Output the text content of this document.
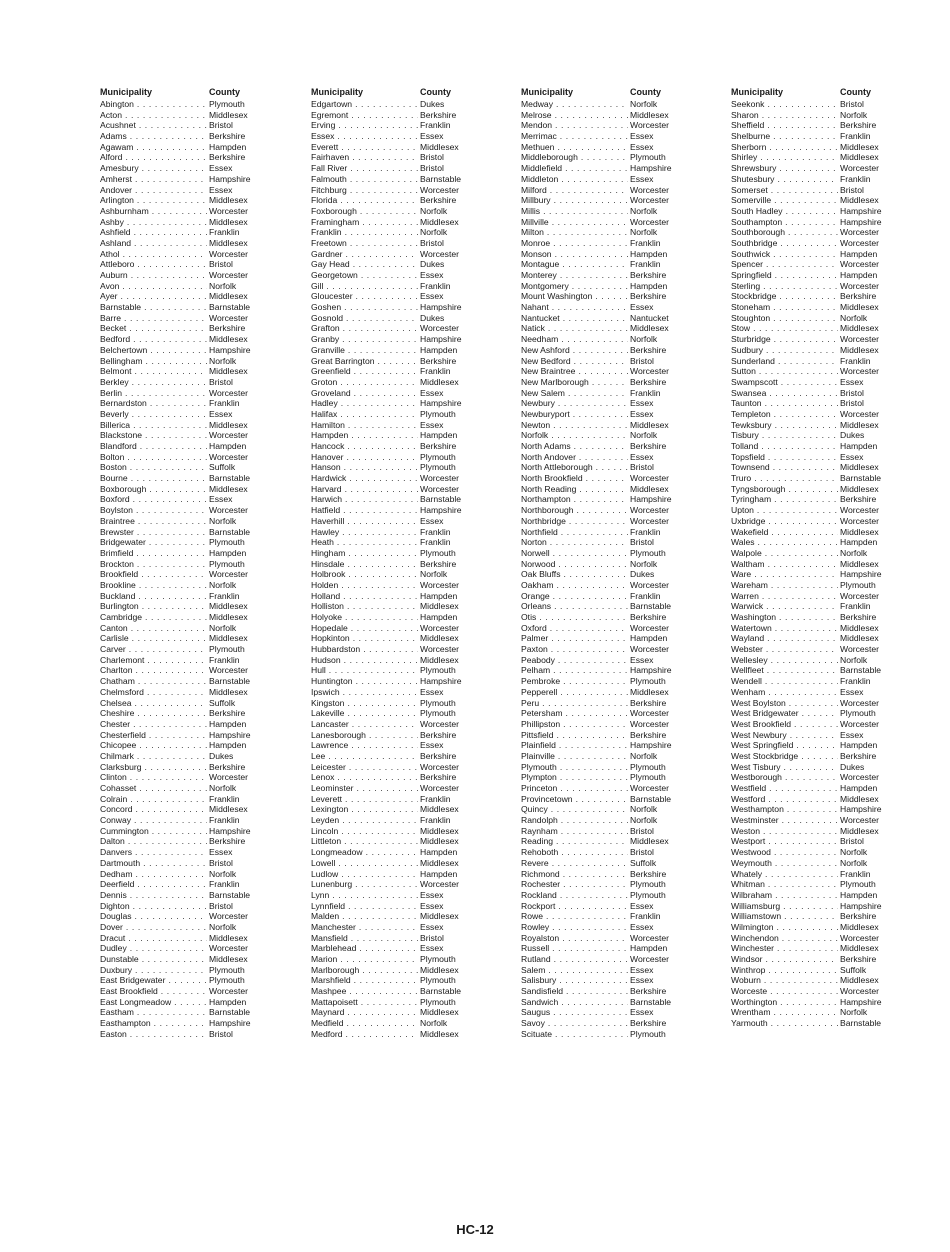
Municipality	County
Abington . . .	Plymouth
Acton . . .	Middlesex
Acushnet . . .	Bristol
Adams . . .	Berkshire
Agawam . . .	Hampden
Alford . . .	Berkshire
Amesbury . . .	Essex
Amherst . . .	Hampshire
Andover . . .	Essex
Arlington . . .	Middlesex
Ashburnham . . .	Worcester
Ashby . . .	Middlesex
Ashfield . . .	Franklin
Ashland . . .	Middlesex
Athol . . .	Worcester
Attleboro . . .	Bristol
Auburn . . .	Worcester
Avon . . .	Norfolk
Ayer . . .	Middlesex
Barnstable . . .	Barnstable
Barre . . .	Worcester
Becket . . .	Berkshire
Bedford . . .	Middlesex
Belchertown . . .	Hampshire
Bellingham . . .	Norfolk
Belmont . . .	Middlesex
Berkley . . .	Bristol
Berlin . . .	Worcester
Bernardston . . .	Franklin
Beverly . . .	Essex
Billerica . . .	Middlesex
Blackstone . . .	Worcester
Blandford . . .	Hampden
Bolton . . .	Worcester
Boston . . .	Suffolk
Bourne . . .	Barnstable
Boxborough . . .	Middlesex
Boxford . . .	Essex
Boylston . . .	Worcester
Braintree . . .	Norfolk
Brewster . . .	Barnstable
Bridgewater . . .	Plymouth
Brimfield . . .	Hampden
Brockton . . .	Plymouth
Brookfield . . .	Worcester
Brookline . . .	Norfolk
Buckland . . .	Franklin
Burlington . . .	Middlesex
Cambridge . . .	Middlesex
Canton . . .	Norfolk
Carlisle . . .	Middlesex
Carver . . .	Plymouth
Charlemont . . .	Franklin
Charlton . . .	Worcester
Chatham . . .	Barnstable
Chelmsford . . .	Middlesex
Chelsea . . .	Suffolk
Cheshire . . .	Berkshire
Chester . . .	Hampden
Chesterfield . . .	Hampshire
Chicopee . . .	Hampden
Chilmark . . .	Dukes
Clarksburg . . .	Berkshire
Clinton . . .	Worcester
Cohasset . . .	Norfolk
Colrain . . .	Franklin
Concord . . .	Middlesex
Conway . . .	Franklin
Cummington . . .	Hampshire
Dalton . . .	Berkshire
Danvers . . .	Essex
Dartmouth . . .	Bristol
Dedham . . .	Norfolk
Deerfield . . .	Franklin
Dennis . . .	Barnstable
Dighton . . .	Bristol
Douglas . . .	Worcester
Dover . . .	Norfolk
Dracut . . .	Middlesex
Dudley . . .	Worcester
Dunstable . . .	Middlesex
Duxbury . . .	Plymouth
East Bridgewater . . .	Plymouth
East Brookfield . . .	Worcester
East Longmeadow . . .	Hampden
Eastham . . .	Barnstable
Easthampton . . .	Hampshire
Easton . . .	Bristol
Municipality	County
Edgartown . . .	Dukes
Egremont . . .	Berkshire
Erving . . .	Franklin
Essex . . .	Essex
Everett . . .	Middlesex
Fairhaven . . .	Bristol
Fall River . . .	Bristol
Falmouth . . .	Barnstable
Fitchburg . . .	Worcester
Florida . . .	Berkshire
Foxborough . . .	Norfolk
Framingham . . .	Middlesex
Franklin . . .	Norfolk
Freetown . . .	Bristol
Gardner . . .	Worcester
Gay Head . . .	Dukes
Georgetown . . .	Essex
Gill . . .	Franklin
Gloucester . . .	Essex
Goshen . . .	Hampshire
Gosnold . . .	Dukes
Grafton . . .	Worcester
Granby . . .	Hampshire
Granville . . .	Hampden
Great Barrington . . .	Berkshire
Greenfield . . .	Franklin
Groton . . .	Middlesex
Groveland . . .	Essex
Hadley . . .	Hampshire
Halifax . . .	Plymouth
Hamilton . . .	Essex
Hampden . . .	Hampden
Hancock . . .	Berkshire
Hanover . . .	Plymouth
Hanson . . .	Plymouth
Hardwick . . .	Worcester
Harvard . . .	Worcester
Harwich . . .	Barnstable
Hatfield . . .	Hampshire
Haverhill . . .	Essex
Hawley . . .	Franklin
Heath . . .	Franklin
Hingham . . .	Plymouth
Hinsdale . . .	Berkshire
Holbrook . . .	Norfolk
Holden . . .	Worcester
Holland . . .	Hampden
Holliston . . .	Middlesex
Holyoke . . .	Hampden
Hopedale . . .	Worcester
Hopkinton . . .	Middlesex
Hubbardston . . .	Worcester
Hudson . . .	Middlesex
Hull . . .	Plymouth
Huntington . . .	Hampshire
Ipswich . . .	Essex
Kingston . . .	Plymouth
Lakeville . . .	Plymouth
Lancaster . . .	Worcester
Lanesborough . . .	Berkshire
Lawrence . . .	Essex
Lee . . .	Berkshire
Leicester . . .	Worcester
Lenox . . .	Berkshire
Leominster . . .	Worcester
Leverett . . .	Franklin
Lexington . . .	Middlesex
Leyden . . .	Franklin
Lincoln . . .	Middlesex
Littleton . . .	Middlesex
Longmeadow . . .	Hampden
Lowell . . .	Middlesex
Ludlow . . .	Hampden
Lunenburg . . .	Worcester
Lynn . . .	Essex
Lynnfield . . .	Essex
Malden . . .	Middlesex
Manchester . . .	Essex
Mansfield . . .	Bristol
Marblehead . . .	Essex
Marion . . .	Plymouth
Marlborough . . .	Middlesex
Marshfield . . .	Plymouth
Mashpee . . .	Barnstable
Mattapoisett . . .	Plymouth
Maynard . . .	Middlesex
Medfield . . .	Norfolk
Medford . . .	Middlesex
Municipality	County
Medway . . .	Norfolk
Melrose . . .	Middlesex
Mendon . . .	Worcester
Merrimac . . .	Essex
Methuen . . .	Essex
Middleborough . . .	Plymouth
Middlefield . . .	Hampshire
Middleton . . .	Essex
Milford . . .	Worcester
Millbury . . .	Worcester
Millis . . .	Norfolk
Millville . . .	Worcester
Milton . . .	Norfolk
Monroe . . .	Franklin
Monson . . .	Hampden
Montague . . .	Franklin
Monterey . . .	Berkshire
Montgomery . . .	Hampden
Mount Washington . . .	Berkshire
Nahant . . .	Essex
Nantucket . . .	Nantucket
Natick . . .	Middlesex
Needham . . .	Norfolk
New Ashford . . .	Berkshire
New Bedford . . .	Bristol
New Braintree . . .	Worcester
New Marlborough . . .	Berkshire
New Salem . . .	Franklin
Newbury . . .	Essex
Newburyport . . .	Essex
Newton . . .	Middlesex
Norfolk . . .	Norfolk
North Adams . . .	Berkshire
North Andover . . .	Essex
North Attleborough . . .	Bristol
North Brookfield . . .	Worcester
North Reading . . .	Middlesex
Northampton . . .	Hampshire
Northborough . . .	Worcester
Northbridge . . .	Worcester
Northfield . . .	Franklin
Norton . . .	Bristol
Norwell . . .	Plymouth
Norwood . . .	Norfolk
Oak Bluffs . . .	Dukes
Oakham . . .	Worcester
Orange . . .	Franklin
Orleans . . .	Barnstable
Otis . . .	Berkshire
Oxford . . .	Worcester
Palmer . . .	Hampden
Paxton . . .	Worcester
Peabody . . .	Essex
Pelham . . .	Hampshire
Pembroke . . .	Plymouth
Pepperell . . .	Middlesex
Peru . . .	Berkshire
Petersham . . .	Worcester
Phillipston . . .	Worcester
Pittsfield . . .	Berkshire
Plainfield . . .	Hampshire
Plainville . . .	Norfolk
Plymouth . . .	Plymouth
Plympton . . .	Plymouth
Princeton . . .	Worcester
Provincetown . . .	Barnstable
Quincy . . .	Norfolk
Randolph . . .	Norfolk
Raynham . . .	Bristol
Reading . . .	Middlesex
Rehoboth . . .	Bristol
Revere . . .	Suffolk
Richmond . . .	Berkshire
Rochester . . .	Plymouth
Rockland . . .	Plymouth
Rockport . . .	Essex
Rowe . . .	Franklin
Rowley . . .	Essex
Royalston . . .	Worcester
Russell . . .	Hampden
Rutland . . .	Worcester
Salem . . .	Essex
Salisbury . . .	Essex
Sandisfield . . .	Berkshire
Sandwich . . .	Barnstable
Saugus . . .	Essex
Savoy . . .	Berkshire
Scituate . . .	Plymouth
Municipality	County
Seekonk . . .	Bristol
Sharon . . .	Norfolk
Sheffield . . .	Berkshire
Shelburne . . .	Franklin
Sherborn . . .	Middlesex
Shirley . . .	Middlesex
Shrewsbury . . .	Worcester
Shutesbury . . .	Franklin
Somerset . . .	Bristol
Somerville . . .	Middlesex
South Hadley . . .	Hampshire
Southampton . . .	Hampshire
Southborough . . .	Worcester
Southbridge . . .	Worcester
Southwick . . .	Hampden
Spencer . . .	Worcester
Springfield . . .	Hampden
Sterling . . .	Worcester
Stockbridge . . .	Berkshire
Stoneham . . .	Middlesex
Stoughton . . .	Norfolk
Stow . . .	Middlesex
Sturbridge . . .	Worcester
Sudbury . . .	Middlesex
Sunderland . . .	Franklin
Sutton . . .	Worcester
Swampscott . . .	Essex
Swansea . . .	Bristol
Taunton . . .	Bristol
Templeton . . .	Worcester
Tewksbury . . .	Middlesex
Tisbury . . .	Dukes
Tolland . . .	Hampden
Topsfield . . .	Essex
Townsend . . .	Middlesex
Truro . . .	Barnstable
Tyngsborough . . .	Middlesex
Tyringham . . .	Berkshire
Upton . . .	Worcester
Uxbridge . . .	Worcester
Wakefield . . .	Middlesex
Wales . . .	Hampden
Walpole . . .	Norfolk
Waltham . . .	Middlesex
Ware . . .	Hampshire
Wareham . . .	Plymouth
Warren . . .	Worcester
Warwick . . .	Franklin
Washington . . .	Berkshire
Watertown . . .	Middlesex
Wayland . . .	Middlesex
Webster . . .	Worcester
Wellesley . . .	Norfolk
Wellfleet . . .	Barnstable
Wendell . . .	Franklin
Wenham . . .	Essex
West Boylston . . .	Worcester
West Bridgewater . . .	Plymouth
West Brookfield . . .	Worcester
West Newbury . . .	Essex
West Springfield . . .	Hampden
West Stockbridge . . .	Berkshire
West Tisbury . . .	Dukes
Westborough . . .	Worcester
Westfield . . .	Hampden
Westford . . .	Middlesex
Westhampton . . .	Hampshire
Westminster . . .	Worcester
Weston . . .	Middlesex
Westport . . .	Bristol
Westwood . . .	Norfolk
Weymouth . . .	Norfolk
Whately . . .	Franklin
Whitman . . .	Plymouth
Wilbraham . . .	Hampden
Williamsburg . . .	Hampshire
Williamstown . . .	Berkshire
Wilmington . . .	Middlesex
Winchendon . . .	Worcester
Winchester . . .	Middlesex
Windsor . . .	Berkshire
Winthrop . . .	Suffolk
Woburn . . .	Middlesex
Worceste . . .	Worcester
Worthington . . .	Hampshire
Wrentham . . .	Norfolk
Yarmouth . . .	Barnstable
HC-12
